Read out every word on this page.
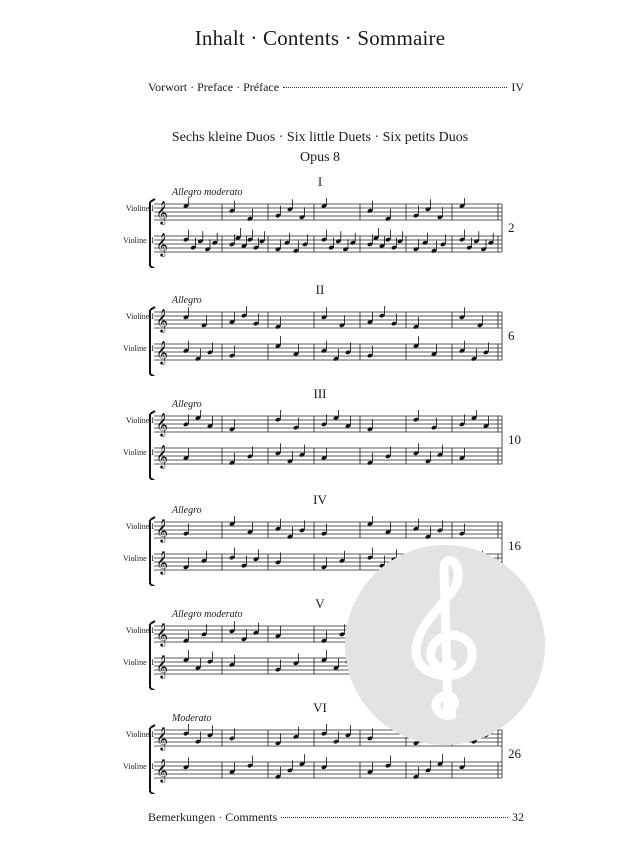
Inhalt · Contents · Sommaire
Vorwort · Preface · Préface	IV
Sechs kleine Duos · Six little Duets · Six petits Duos
Opus 8
I
Allegro moderato
Violine I
Violine II
2
𝄞
𝄞
II
Allegro
Violine I
Violine II
6
𝄞
𝄞
III
Allegro
Violine I
Violine II
10
𝄞
𝄞
IV
Allegro
Violine I
Violine II
16
𝄞
𝄞
V
Allegro moderato
Violine I
Violine II
𝄞
𝄞
VI
Moderato
Violine I
Violine II
26
𝄞
𝄞
Bemerkungen · Comments	32
